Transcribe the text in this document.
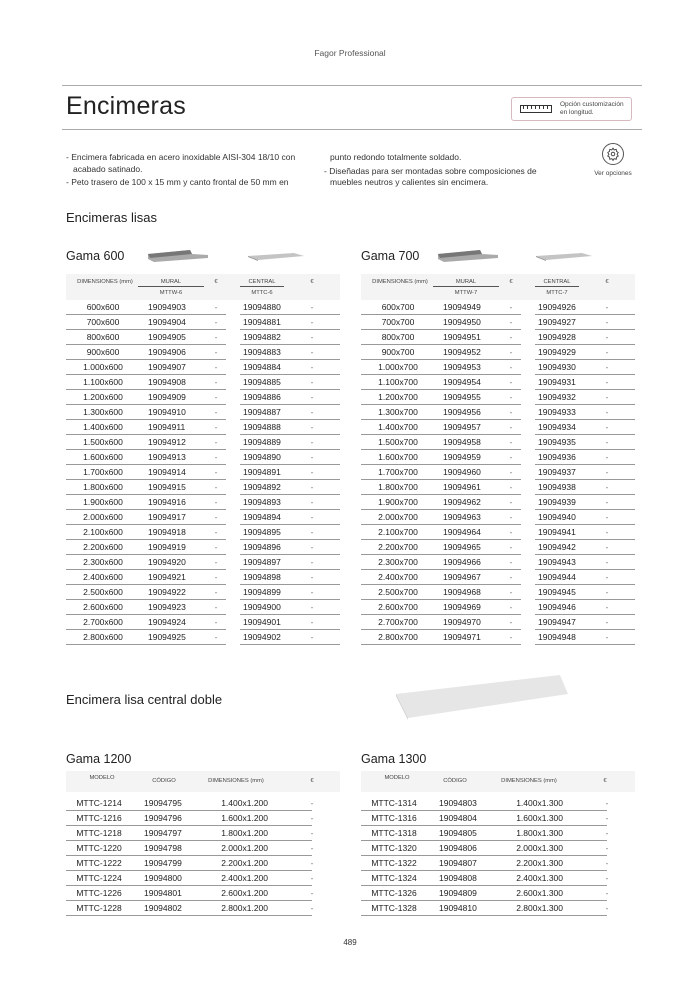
Fagor Professional
Encimeras	Opción customización
en longitud.

- Encimera fabricada en acero inoxidable AISI-304 18/10 con

acabado satinado.

- Peto trasero de 100 x 15 mm y canto frontal de 50 mm en

punto redondo totalmente soldado.

- Diseñadas para ser montadas sobre composiciones de

muebles neutros y calientes sin encimera.

Ver opciones
Encimeras lisas
Gama 600
DIMENSIONES (mm)	MURAL
MTTW-6
€	CENTRAL
MTTC-6
€
600x600	19094903	-	19094880	-
700x600	19094904	-	19094881	-
800x600	19094905	-	19094882	-
900x600	19094906	-	19094883	-
1.000x600	19094907	-	19094884	-
1.100x600	19094908	-	19094885	-
1.200x600	19094909	-	19094886	-
1.300x600	19094910	-	19094887	-
1.400x600	19094911	-	19094888	-
1.500x600	19094912	-	19094889	-
1.600x600	19094913	-	19094890	-
1.700x600	19094914	-	19094891	-
1.800x600	19094915	-	19094892	-
1.900x600	19094916	-	19094893	-
2.000x600	19094917	-	19094894	-
2.100x600	19094918	-	19094895	-
2.200x600	19094919	-	19094896	-
2.300x600	19094920	-	19094897	-
2.400x600	19094921	-	19094898	-
2.500x600	19094922	-	19094899	-
2.600x600	19094923	-	19094900	-
2.700x600	19094924	-	19094901	-
2.800x600	19094925	-	19094902	-
Gama 700
DIMENSIONES (mm)	MURAL
MTTW-7
€	CENTRAL
MTTC-7
€
600x700	19094949	-	19094926	-
700x700	19094950	-	19094927	-
800x700	19094951	-	19094928	-
900x700	19094952	-	19094929	-
1.000x700	19094953	-	19094930	-
1.100x700	19094954	-	19094931	-
1.200x700	19094955	-	19094932	-
1.300x700	19094956	-	19094933	-
1.400x700	19094957	-	19094934	-
1.500x700	19094958	-	19094935	-
1.600x700	19094959	-	19094936	-
1.700x700	19094960	-	19094937	-
1.800x700	19094961	-	19094938	-
1.900x700	19094962	-	19094939	-
2.000x700	19094963	-	19094940	-
2.100x700	19094964	-	19094941	-
2.200x700	19094965	-	19094942	-
2.300x700	19094966	-	19094943	-
2.400x700	19094967	-	19094944	-
2.500x700	19094968	-	19094945	-
2.600x700	19094969	-	19094946	-
2.700x700	19094970	-	19094947	-
2.800x700	19094971	-	19094948	-
Encimera lisa central doble
Gama 1200
MODELO	CÓDIGO	DIMENSIONES (mm)	€
MTTC-1214	19094795	1.400x1.200	-
MTTC-1216	19094796	1.600x1.200	-
MTTC-1218	19094797	1.800x1.200	-
MTTC-1220	19094798	2.000x1.200	-
MTTC-1222	19094799	2.200x1.200	-
MTTC-1224	19094800	2.400x1.200	-
MTTC-1226	19094801	2.600x1.200	-
MTTC-1228	19094802	2.800x1.200	-
Gama 1300
MODELO	CÓDIGO	DIMENSIONES (mm)	€
MTTC-1314	19094803	1.400x1.300	-
MTTC-1316	19094804	1.600x1.300	-
MTTC-1318	19094805	1.800x1.300	-
MTTC-1320	19094806	2.000x1.300	-
MTTC-1322	19094807	2.200x1.300	-
MTTC-1324	19094808	2.400x1.300	-
MTTC-1326	19094809	2.600x1.300	-
MTTC-1328	19094810	2.800x1.300	-
489
